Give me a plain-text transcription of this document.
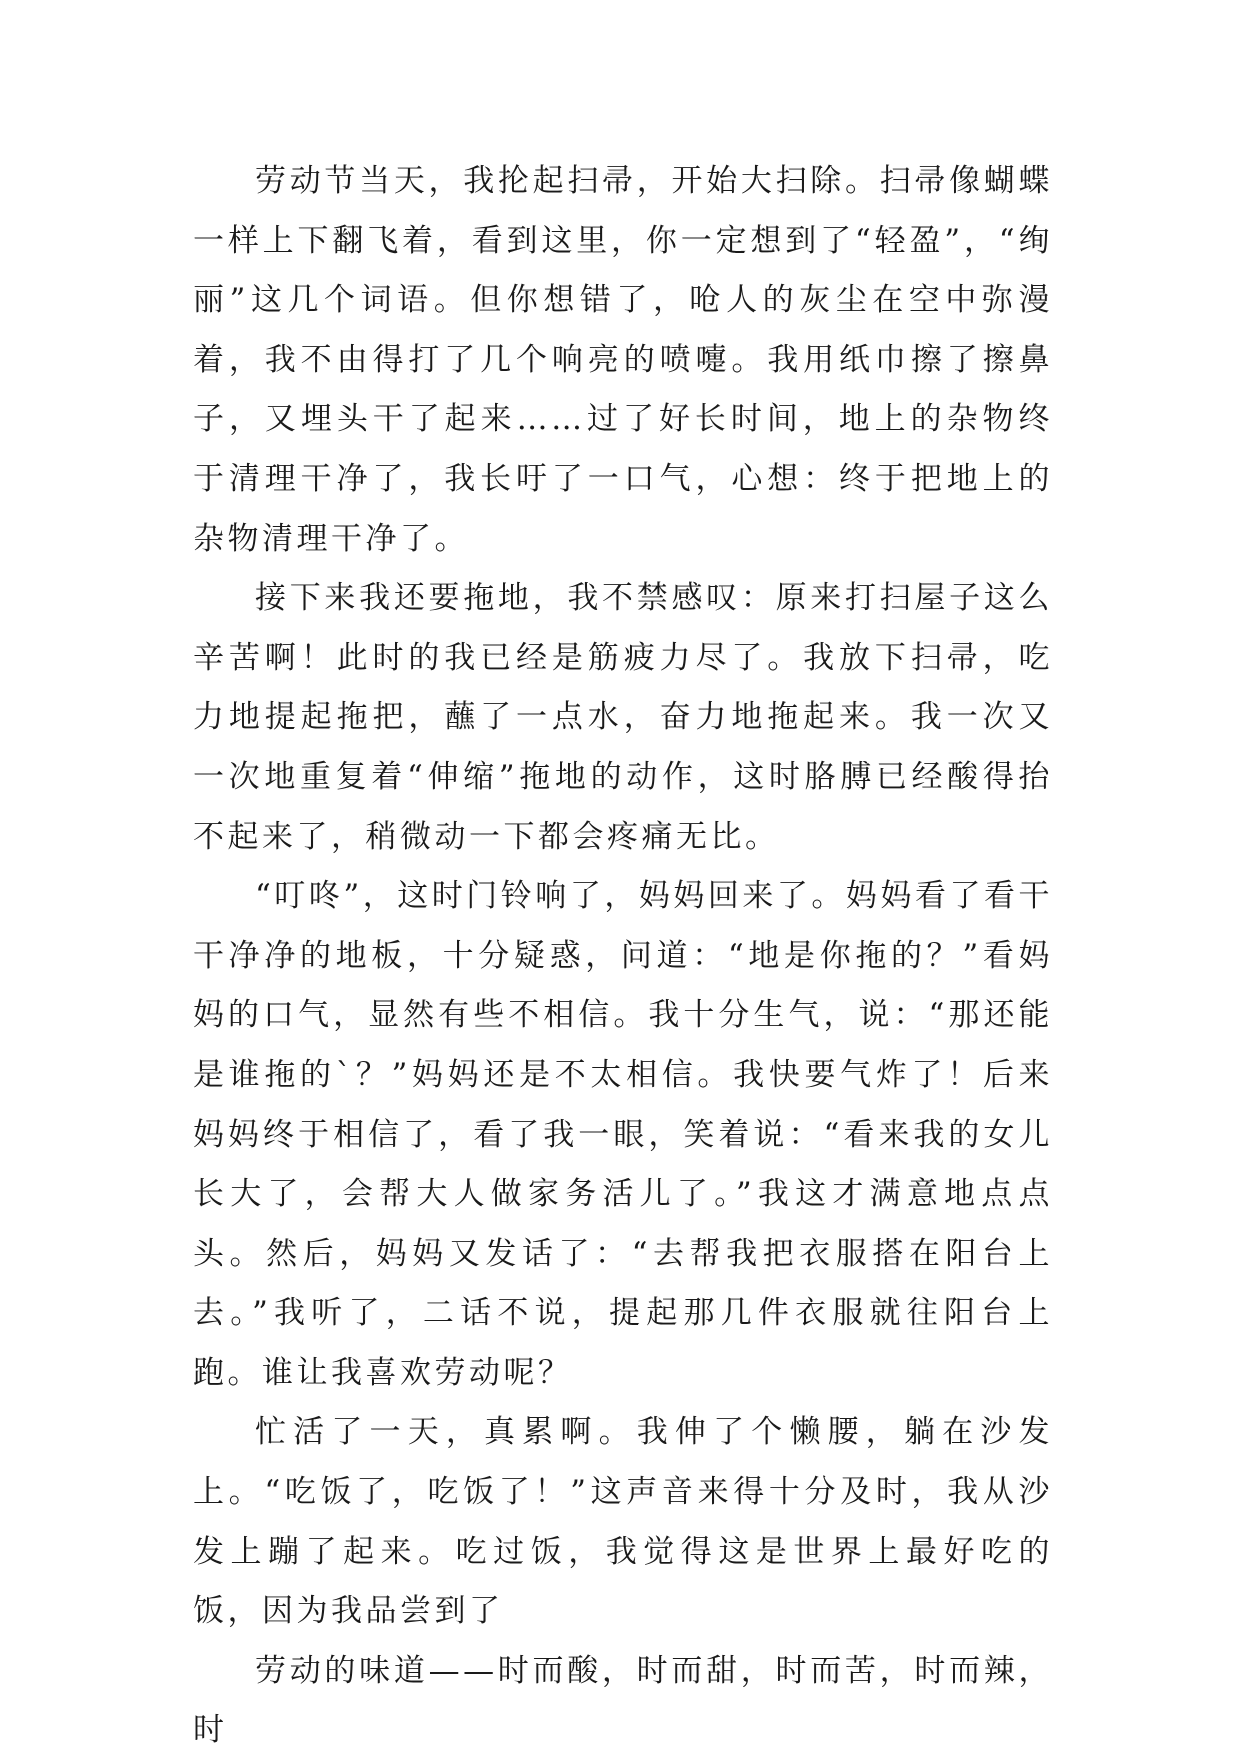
劳动节当天，我抡起扫帚，开始大扫除。扫帚像蝴蝶一样上下翻飞着，看到这里，你一定想到了“轻盈”，“绚丽”这几个词语。但你想错了，呛人的灰尘在空中弥漫着，我不由得打了几个响亮的喷嚏。我用纸巾擦了擦鼻子，又埋头干了起来……过了好长时间，地上的杂物终于清理干净了，我长吁了一口气，心想：终于把地上的杂物清理干净了。

接下来我还要拖地，我不禁感叹：原来打扫屋子这么辛苦啊！此时的我已经是筋疲力尽了。我放下扫帚，吃力地提起拖把，蘸了一点水，奋力地拖起来。我一次又一次地重复着“伸缩”拖地的动作，这时胳膊已经酸得抬不起来了，稍微动一下都会疼痛无比。

“叮咚”，这时门铃响了，妈妈回来了。妈妈看了看干干净净的地板，十分疑惑，问道：“地是你拖的？”看妈妈的口气，显然有些不相信。我十分生气，说：“那还能是谁拖的`？”妈妈还是不太相信。我快要气炸了！后来妈妈终于相信了，看了我一眼，笑着说：“看来我的女儿长大了，会帮大人做家务活儿了。”我这才满意地点点头。然后，妈妈又发话了：“去帮我把衣服搭在阳台上去。”我听了，二话不说，提起那几件衣服就往阳台上跑。谁让我喜欢劳动呢？

忙活了一天，真累啊。我伸了个懒腰，躺在沙发上。“吃饭了，吃饭了！”这声音来得十分及时，我从沙发上蹦了起来。吃过饭，我觉得这是世界上最好吃的饭，因为我品尝到了

劳动的味道——时而酸，时而甜，时而苦，时而辣，时
